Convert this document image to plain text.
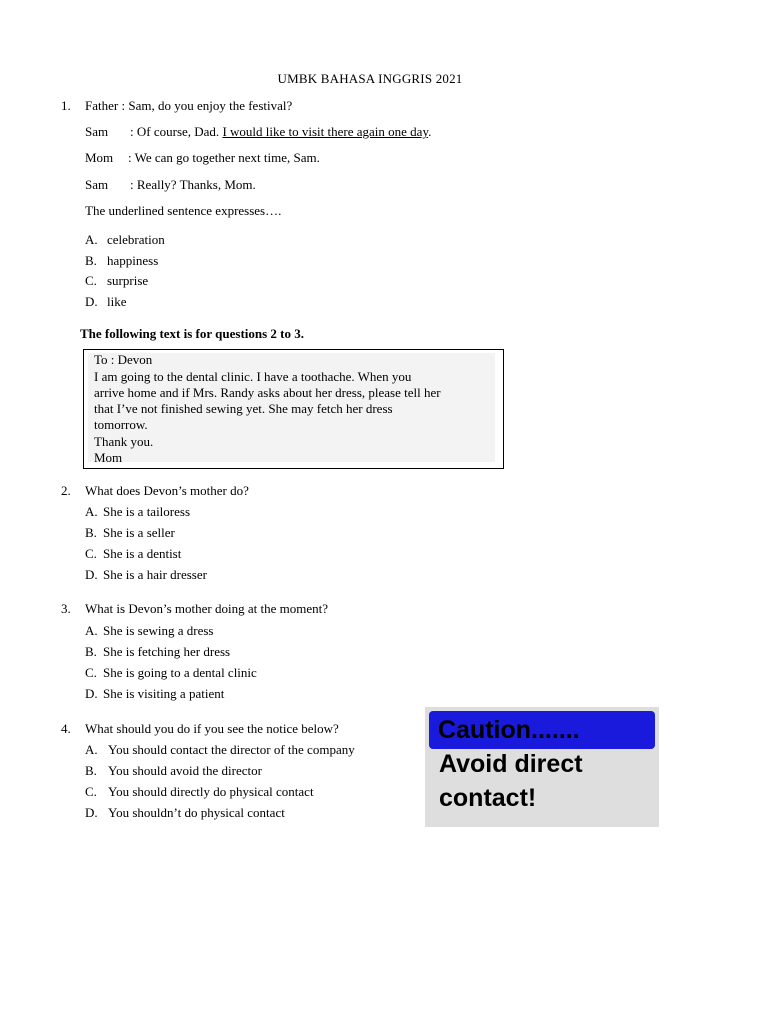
UMBK BAHASA INGGRIS 2021
1. Father : Sam, do you enjoy the festival?
Sam : Of course, Dad. I would like to visit there again one day.
Mom : We can go together next time, Sam.
Sam : Really? Thanks, Mom.
The underlined sentence expresses….
A. celebration
B. happiness
C. surprise
D. like
The following text is for questions 2 to 3.
To : Devon
I am going to the dental clinic. I have a toothache. When you
arrive home and if Mrs. Randy asks about her dress, please tell her
that I’ve not finished sewing yet. She may fetch her dress
tomorrow.
Thank you.
Mom
2. What does Devon’s mother do?
A. She is a tailoress
B. She is a seller
C. She is a dentist
D. She is a hair dresser
3. What is Devon’s mother doing at the moment?
A. She is sewing a dress
B. She is fetching her dress
C. She is going to a dental clinic
D. She is visiting a patient
4. What should you do if you see the notice below?
A. You should contact the director of the company
B. You should avoid the director
C. You should directly do physical contact
D. You shouldn’t do physical contact
Caution.......
Avoid direct
contact!
